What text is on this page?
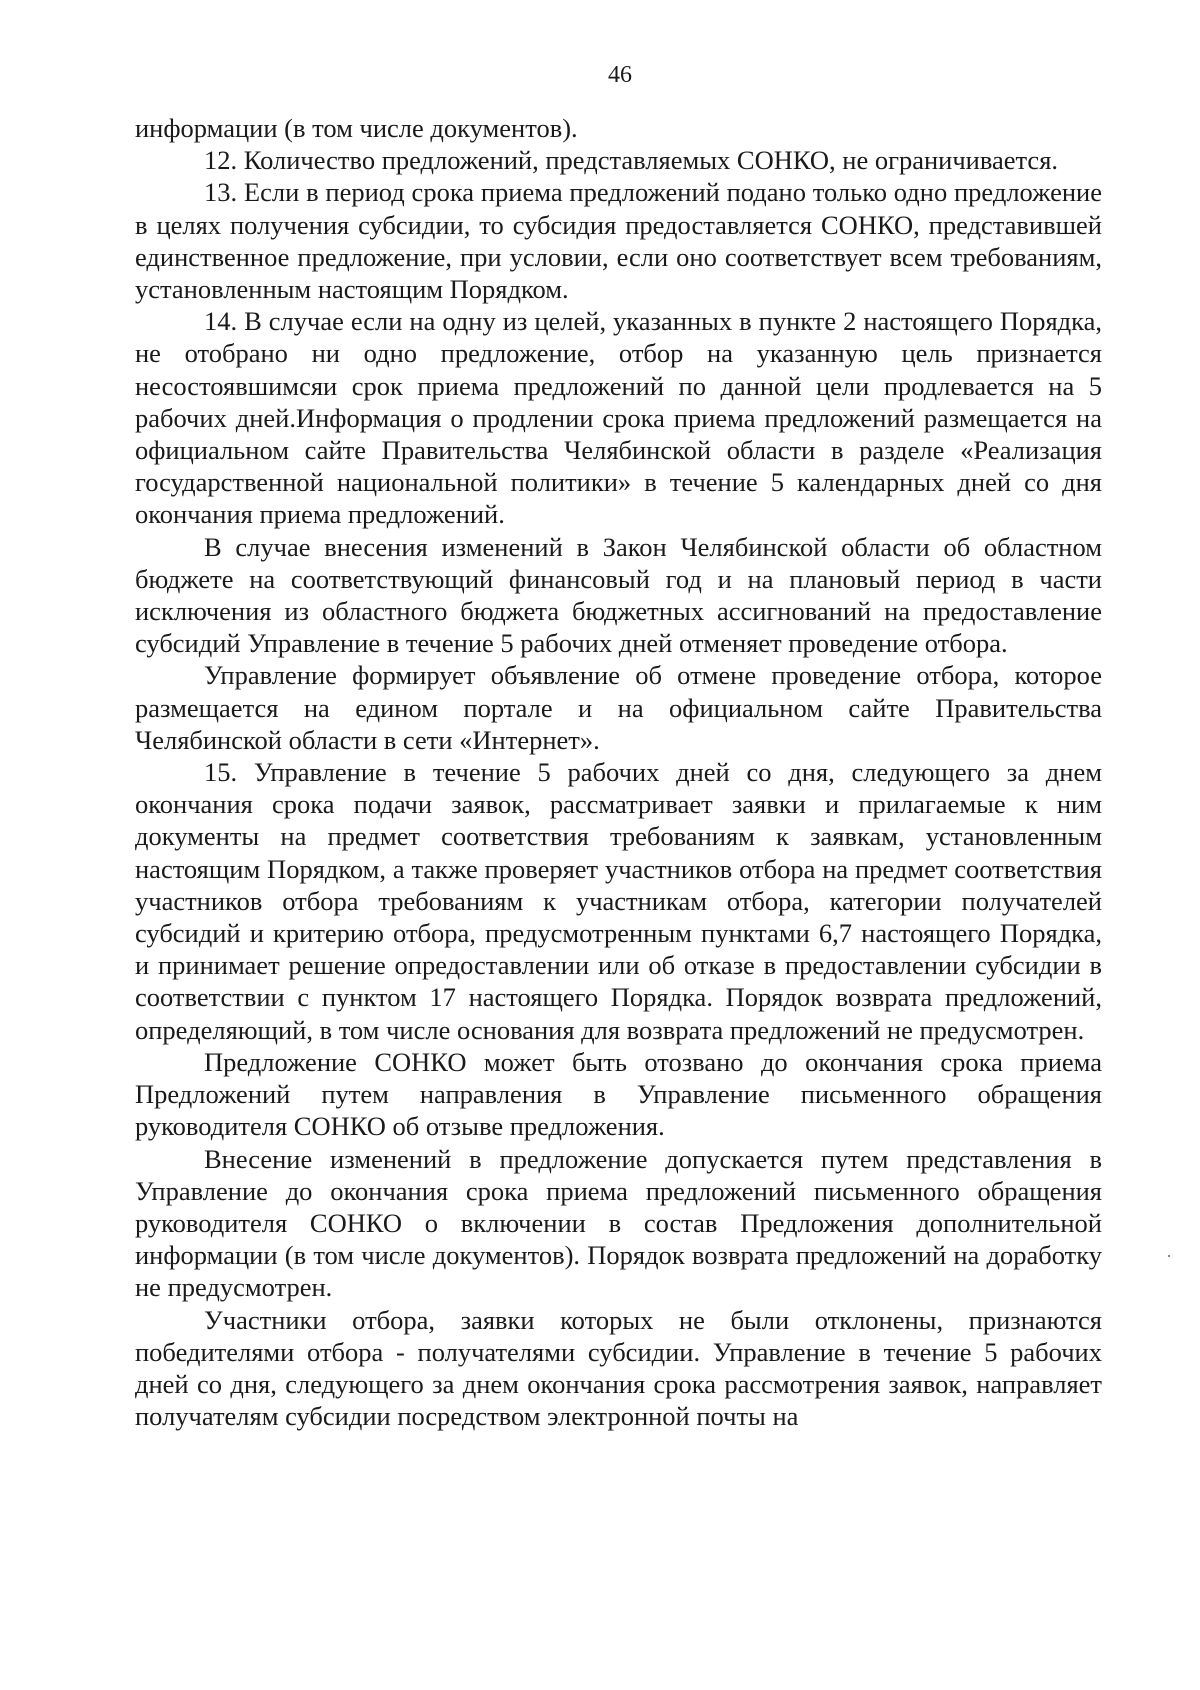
46

информации (в том числе документов).

12. Количество предложений, представляемых СОНКО, не ограничивается.

13. Если в период срока приема предложений подано только одно предложение в целях получения субсидии, то субсидия предоставляется СОНКО, представившей единственное предложение, при условии, если оно соответствует всем требованиям, установленным настоящим Порядком.

14. В случае если на одну из целей, указанных в пункте 2 настоящего Порядка, не отобрано ни одно предложение, отбор на указанную цель признается несостоявшимсяи срок приема предложений по данной цели продлевается на 5 рабочих дней.Информация о продлении срока приема предложений размещается на официальном сайте Правительства Челябинской области в разделе «Реализация государственной национальной политики» в течение 5 календарных дней со дня окончания приема предложений.

В случае внесения изменений в Закон Челябинской области об областном бюджете на соответствующий финансовый год и на плановый период в части исключения из областного бюджета бюджетных ассигнований на предоставление субсидий Управление в течение 5 рабочих дней отменяет проведение отбора.

Управление формирует объявление об отмене проведение отбора, которое размещается на едином портале и на официальном сайте Правительства Челябинской области в сети «Интернет».

15. Управление в течение 5 рабочих дней со дня, следующего за днем окончания срока подачи заявок, рассматривает заявки и прилагаемые к ним документы на предмет соответствия требованиям к заявкам, установленным настоящим Порядком, а также проверяет участников отбора на предмет соответствия участников отбора требованиям к участникам отбора, категории получателей субсидий и критерию отбора, предусмотренным пунктами 6,7 настоящего Порядка, и принимает решение опредоставлении или об отказе в предоставлении субсидии в соответствии с пунктом 17 настоящего Порядка. Порядок возврата предложений, определяющий, в том числе основания для возврата предложений не предусмотрен.

Предложение СОНКО может быть отозвано до окончания срока приема Предложений путем направления в Управление письменного обращения руководителя СОНКО об отзыве предложения.

Внесение изменений в предложение допускается путем представления в Управление до окончания срока приема предложений письменного обращения руководителя СОНКО о включении в состав Предложения дополнительной информации (в том числе документов). Порядок возврата предложений на доработку не предусмотрен.

Участники отбора, заявки которых не были отклонены, признаются победителями отбора - получателями субсидии. Управление в течение 5 рабочих дней со дня, следующего за днем окончания срока рассмотрения заявок, направляет получателям субсидии посредством электронной почты на
